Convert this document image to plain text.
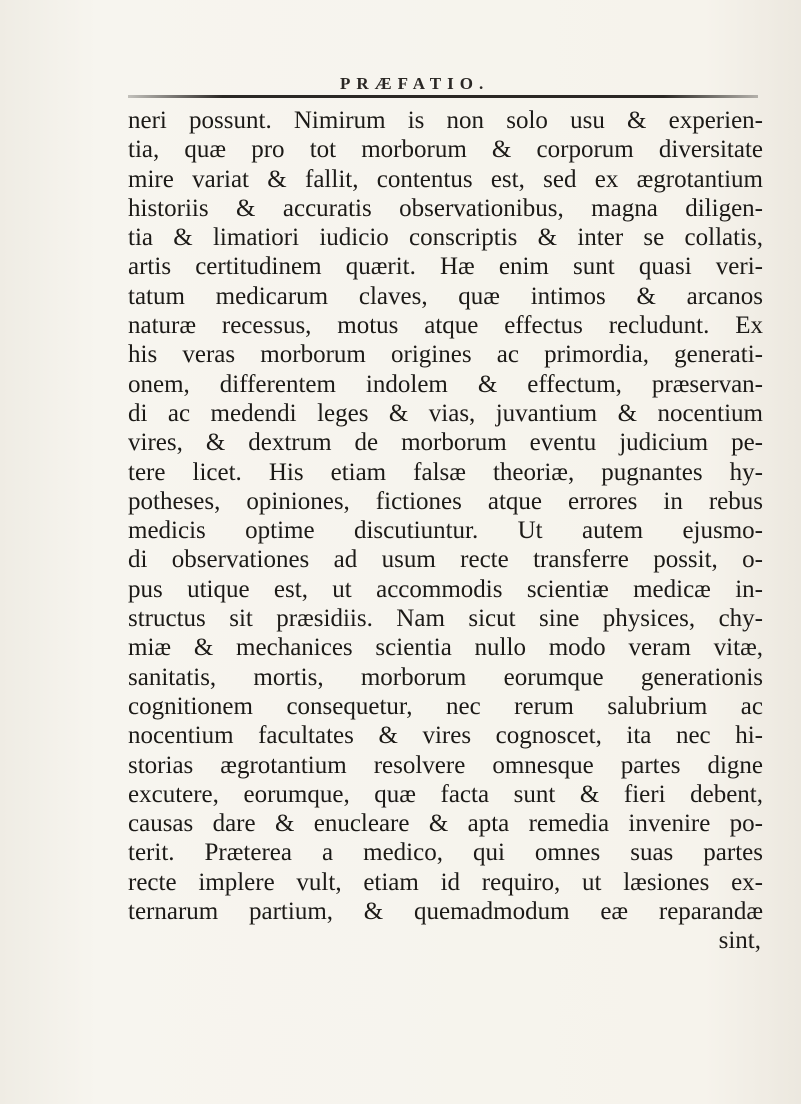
PRÆFATIO.
neri possunt. Nimirum is non solo usu & experien-
tia, quæ pro tot morborum & corporum diversitate
mire variat & fallit, contentus est, sed ex ægrotantium
historiis & accuratis observationibus, magna diligen-
tia & limatiori iudicio conscriptis & inter se collatis,
artis certitudinem quærit. Hæ enim sunt quasi veri-
tatum medicarum claves, quæ intimos & arcanos
naturæ recessus, motus atque effectus recludunt. Ex
his veras morborum origines ac primordia, generati-
onem, differentem indolem & effectum, præservan-
di ac medendi leges & vias, juvantium & nocentium
vires, & dextrum de morborum eventu judicium pe-
tere licet. His etiam falsæ theoriæ, pugnantes hy-
potheses, opiniones, fictiones atque errores in rebus
medicis optime discutiuntur. Ut autem ejusmo-
di observationes ad usum recte transferre possit, o-
pus utique est, ut accommodis scientiæ medicæ in-
structus sit præsidiis. Nam sicut sine physices, chy-
miæ & mechanices scientia nullo modo veram vitæ,
sanitatis, mortis, morborum eorumque generationis
cognitionem consequetur, nec rerum salubrium ac
nocentium facultates & vires cognoscet, ita nec hi-
storias ægrotantium resolvere omnesque partes digne
excutere, eorumque, quæ facta sunt & fieri debent,
causas dare & enucleare & apta remedia invenire po-
terit. Præterea a medico, qui omnes suas partes
recte implere vult, etiam id requiro, ut læsiones ex-
ternarum partium, & quemadmodum eæ reparandæ
sint,
